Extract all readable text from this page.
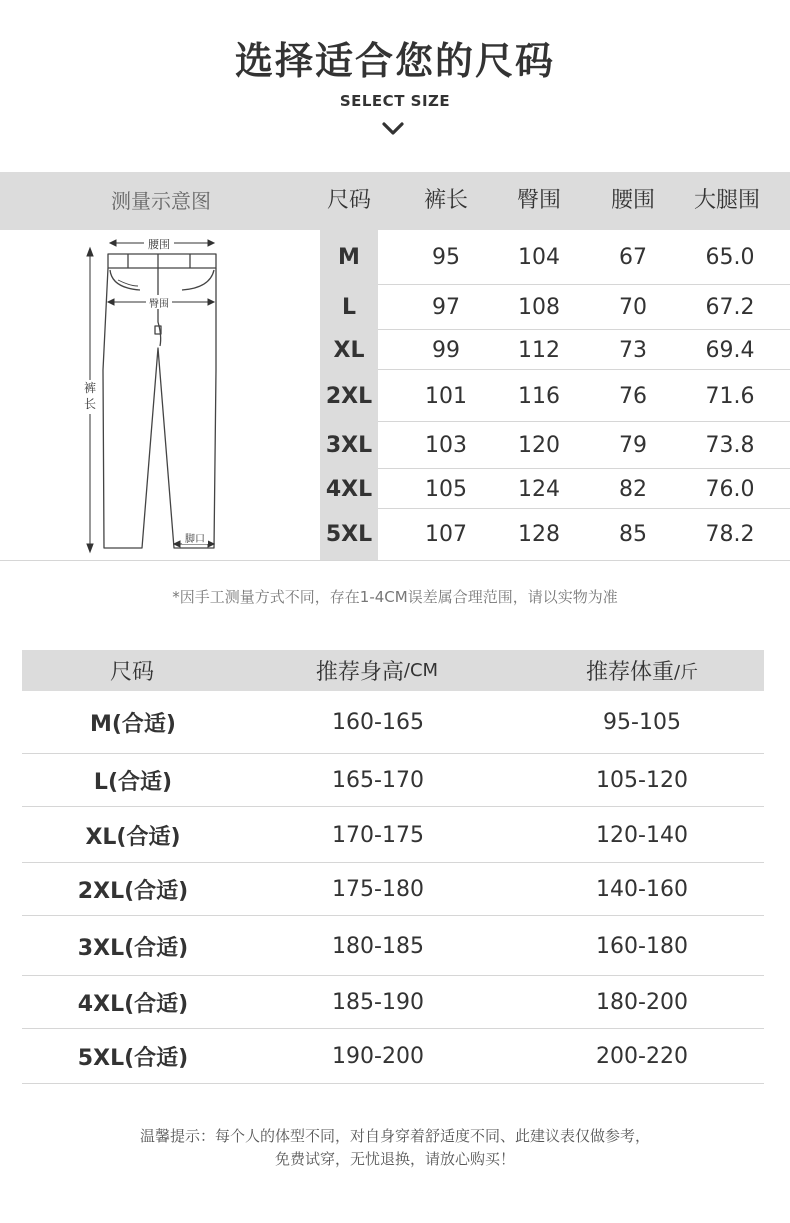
选择适合您的尺码
SELECT SIZE
测量示意图	尺码	裤长	臀围	腰围	大腿围
腰围
臀围
裤
长
脚口
M	95	104	67	65.0
L	97	108	70	67.2
XL	99	112	73	69.4
2XL	101	116	76	71.6
3XL	103	120	79	73.8
4XL	105	124	82	76.0
5XL	107	128	85	78.2
*因手工测量方式不同，存在1-4CM误差属合理范围，请以实物为准
尺码	推荐身高 /CM	推荐体重 /斤
M(合适)	160-165	95-105
L(合适)	165-170	105-120
XL(合适)	170-175	120-140
2XL(合适)	175-180	140-160
3XL(合适)	180-185	160-180
4XL(合适)	185-190	180-200
5XL(合适)	190-200	200-220
温馨提示：每个人的体型不同，对自身穿着舒适度不同、此建议表仅做参考，
免费试穿，无忧退换，请放心购买！
